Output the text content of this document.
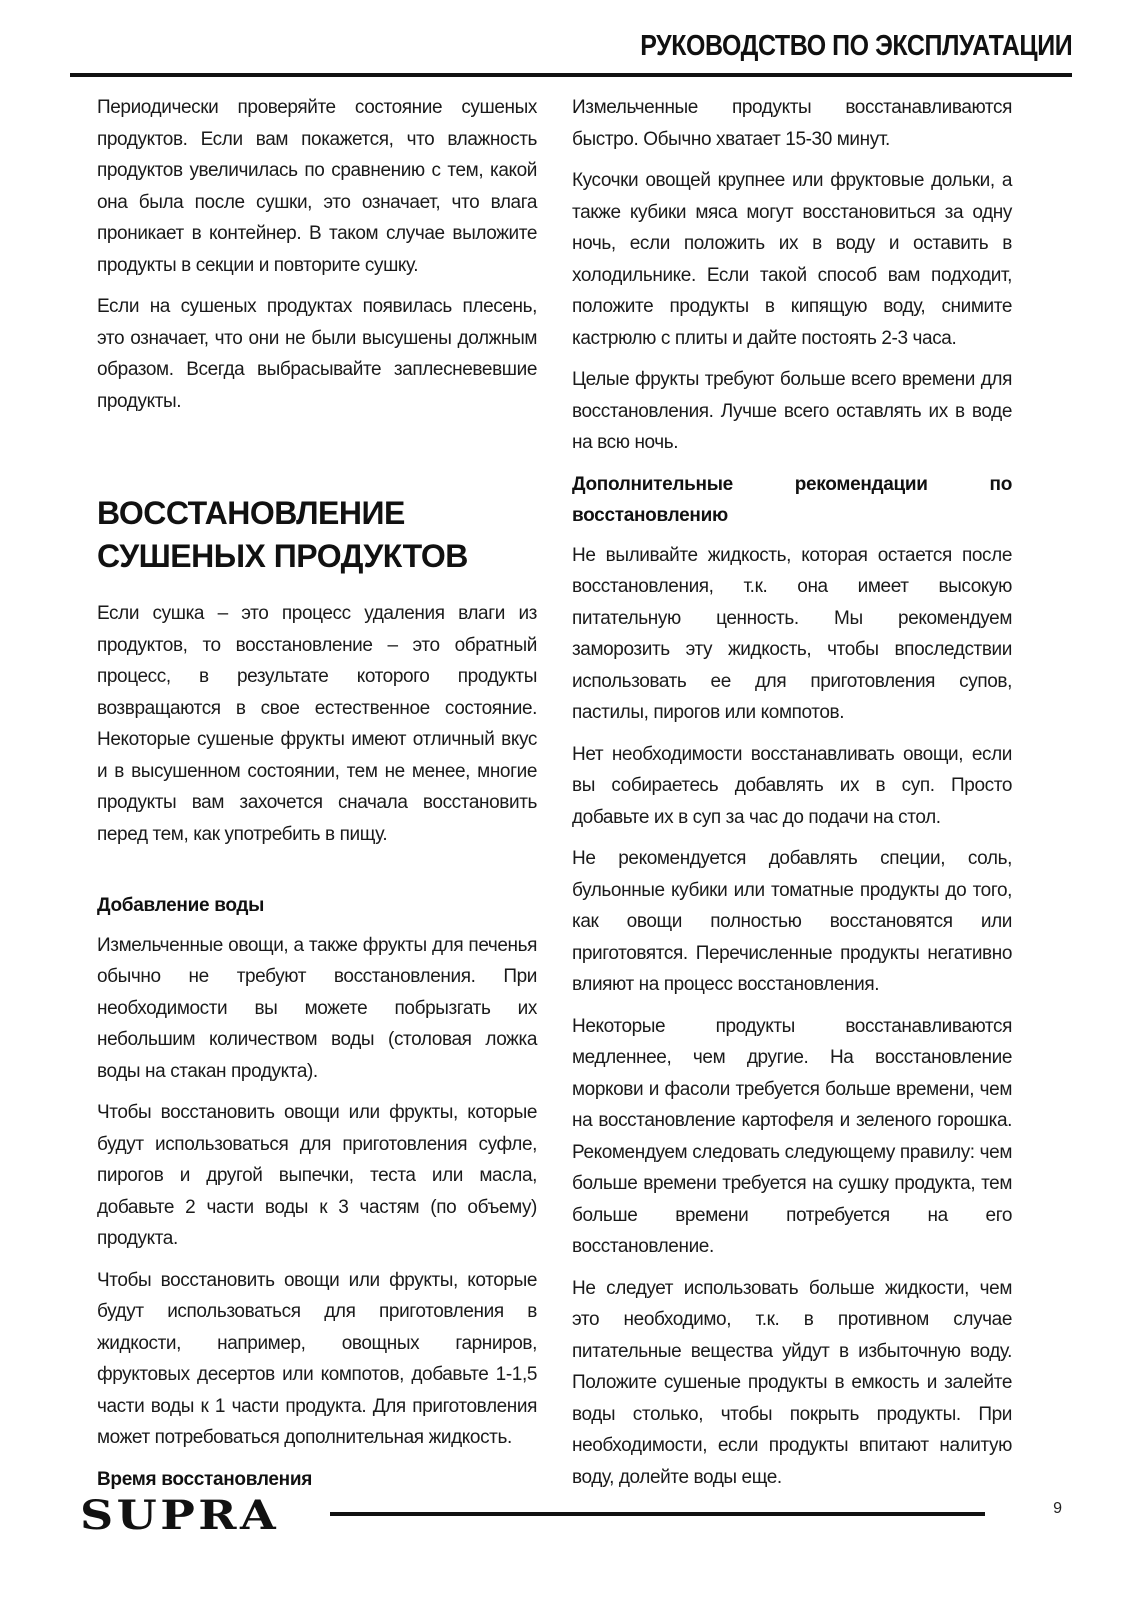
РУКОВОДСТВО ПО ЭКСПЛУАТАЦИИ

Периодически проверяйте состояние сушеных продуктов. Если вам покажется, что влажность продуктов увеличилась по сравнению с тем, какой она была после сушки, это означает, что влага проникает в контейнер. В таком случае выложите продукты в секции и повторите сушку.

Если на сушеных продуктах появилась плесень, это означает, что они не были высушены должным образом. Всегда выбрасывайте заплесневевшие продукты.

ВОССТАНОВЛЕНИЕ СУШЕНЫХ ПРОДУКТОВ

Если сушка – это процесс удаления влаги из продуктов, то восстановление – это обратный процесс, в результате которого продукты возвращаются в свое естественное состояние. Некоторые сушеные фрукты имеют отличный вкус и в высушенном состоянии, тем не менее, многие продукты вам захочется сначала восстановить перед тем, как употребить в пищу.

Добавление воды

Измельченные овощи, а также фрукты для печенья обычно не требуют восстановления. При необходимости вы можете побрызгать их небольшим количеством воды (столовая ложка воды на стакан продукта).

Чтобы восстановить овощи или фрукты, которые будут использоваться для приготовления суфле, пирогов и другой выпечки, теста или масла, добавьте 2 части воды к 3 частям (по объему) продукта.

Чтобы восстановить овощи или фрукты, которые будут использоваться для приготовления в жидкости, например, овощных гарниров, фруктовых десертов или компотов, добавьте 1-1,5 части воды к 1 части продукта. Для приготовления может потребоваться дополнительная жидкость.

Время восстановления

Измельченные продукты восстанавливаются быстро. Обычно хватает 15-30 минут.

Кусочки овощей крупнее или фруктовые дольки, а также кубики мяса могут восстановиться за одну ночь, если положить их в воду и оставить в холодильнике. Если такой способ вам подходит, положите продукты в кипящую воду, снимите кастрюлю с плиты и дайте постоять 2-3 часа.

Целые фрукты требуют больше всего времени для восстановления. Лучше всего оставлять их в воде на всю ночь.

Дополнительные рекомендации по восстановлению

Не выливайте жидкость, которая остается после восстановления, т.к. она имеет высокую питательную ценность. Мы рекомендуем заморозить эту жидкость, чтобы впоследствии использовать ее для приготовления супов, пастилы, пирогов или компотов.

Нет необходимости восстанавливать овощи, если вы собираетесь добавлять их в суп. Просто добавьте их в суп за час до подачи на стол.

Не рекомендуется добавлять специи, соль, бульонные кубики или томатные продукты до того, как овощи полностью восстановятся или приготовятся. Перечисленные продукты негативно влияют на процесс восстановления.

Некоторые продукты восстанавливаются медленнее, чем другие. На восстановление моркови и фасоли требуется больше времени, чем на восстановление картофеля и зеленого горошка. Рекомендуем следовать следующему правилу: чем больше времени требуется на сушку продукта, тем больше времени потребуется на его восстановление.

Не следует использовать больше жидкости, чем это необходимо, т.к. в противном случае питательные вещества уйдут в избыточную воду. Положите сушеные продукты в емкость и залейте воды столько, чтобы покрыть продукты. При необходимости, если продукты впитают налитую воду, долейте воды еще.

SUPRA	9
